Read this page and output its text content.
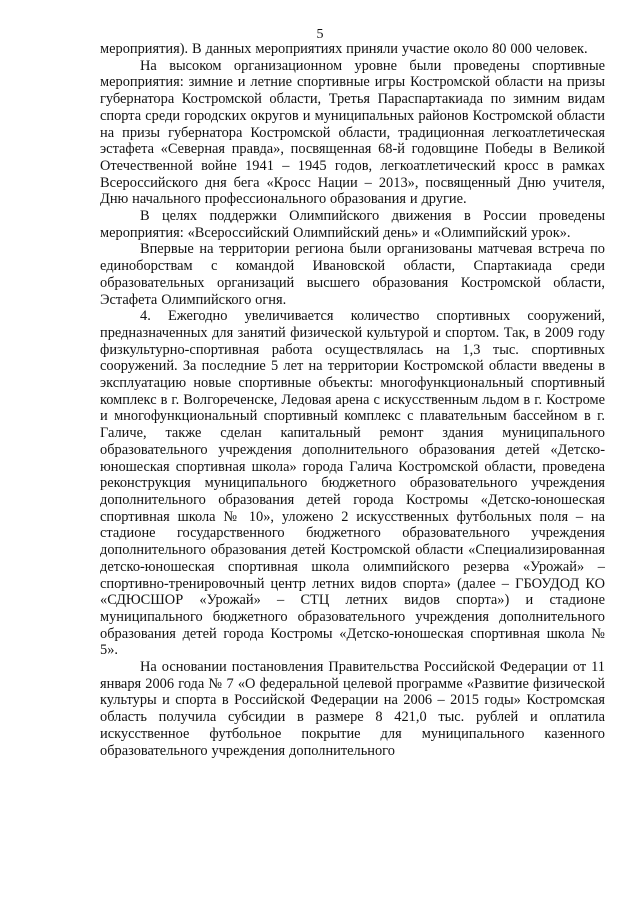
5

мероприятия). В данных мероприятиях приняли участие около 80 000 человек.

На высоком организационном уровне были проведены спортивные мероприятия: зимние и летние спортивные игры Костромской области на призы губернатора Костромской области, Третья Параспартакиада по зимним видам спорта среди городских округов и муниципальных районов Костромской области на призы губернатора Костромской области, традиционная легкоатлетическая эстафета «Северная правда», посвященная 68-й годовщине Победы в Великой Отечественной войне 1941 – 1945 годов, легкоатлетический кросс в рамках Всероссийского дня бега «Кросс Нации – 2013», посвященный Дню учителя, Дню начального профессионального образования и другие.

В целях поддержки Олимпийского движения в России проведены мероприятия: «Всероссийский Олимпийский день» и «Олимпийский урок».

Впервые на территории региона были организованы матчевая встреча по единоборствам с командой Ивановской области, Спартакиада среди образовательных организаций высшего образования Костромской области, Эстафета Олимпийского огня.

4. Ежегодно увеличивается количество спортивных сооружений, предназначенных для занятий физической культурой и спортом. Так, в 2009 году физкультурно-спортивная работа осуществлялась на 1,3 тыс. спортивных сооружений. За последние 5 лет на территории Костромской области введены в эксплуатацию новые спортивные объекты: многофункциональный спортивный комплекс в г. Волгореченске, Ледовая арена с искусственным льдом в г. Костроме и многофункциональный спортивный комплекс с плавательным бассейном в г. Галиче, также сделан капитальный ремонт здания муниципального образовательного учреждения дополнительного образования детей «Детско-юношеская спортивная школа» города Галича Костромской области, проведена реконструкция муниципального бюджетного образовательного учреждения дополнительного образования детей города Костромы «Детско-юношеская спортивная школа № 10», уложено 2 искусственных футбольных поля – на стадионе государственного бюджетного образовательного учреждения дополнительного образования детей Костромской области «Специализированная детско-юношеская спортивная школа олимпийского резерва «Урожай» – спортивно-тренировочный центр летних видов спорта» (далее – ГБОУДОД КО «СДЮСШОР «Урожай» – СТЦ летних видов спорта») и стадионе муниципального бюджетного образовательного учреждения дополнительного образования детей города Костромы «Детско-юношеская спортивная школа № 5».

На основании постановления Правительства Российской Федерации от 11 января 2006 года № 7 «О федеральной целевой программе «Развитие физической культуры и спорта в Российской Федерации на 2006 – 2015 годы» Костромская область получила субсидии в размере 8 421,0 тыс. рублей и оплатила искусственное футбольное покрытие для муниципального казенного образовательного учреждения дополнительного
